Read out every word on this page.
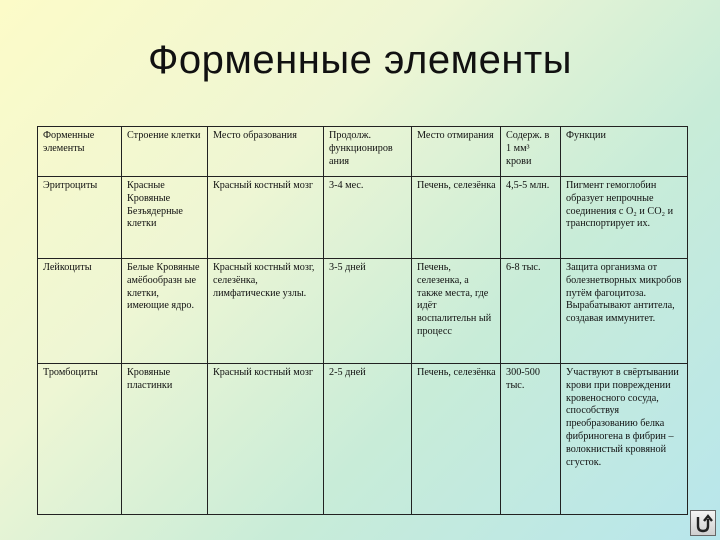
Форменные элементы
Форменные элементы	Строение клетки	Место образования	Продолж. функциониров ания	Место отмирания	Содерж. в 1 мм³ крови	Функции
Эритроциты	Красные Кровяные Безъядерные клетки	Красный костный мозг	3-4 мес.	Печень, селезёнка	4,5-5 млн.	Пигмент гемоглобин образует непрочные соединения с O₂ и CO₂ и транспортирует их.
Лейкоциты	Белые Кровяные амёбообразн ые клетки, имеющие ядро.	Красный костный мозг, селезёнка, лимфатические узлы.	3-5 дней	Печень, селезенка, а также места, где идёт воспалительн ый процесс	6-8 тыс.	Защита организма от болезнетворных микробов путём фагоцитоза. Вырабатывают антитела, создавая иммунитет.
Тромбоциты	Кровяные пластинки	Красный костный мозг	2-5 дней	Печень, селезёнка	300-500 тыс.	Участвуют в свёртывании крови при повреждении кровеносного сосуда, способствуя преобразованию белка фибриногена в фибрин – волокнистый кровяной сгусток.
